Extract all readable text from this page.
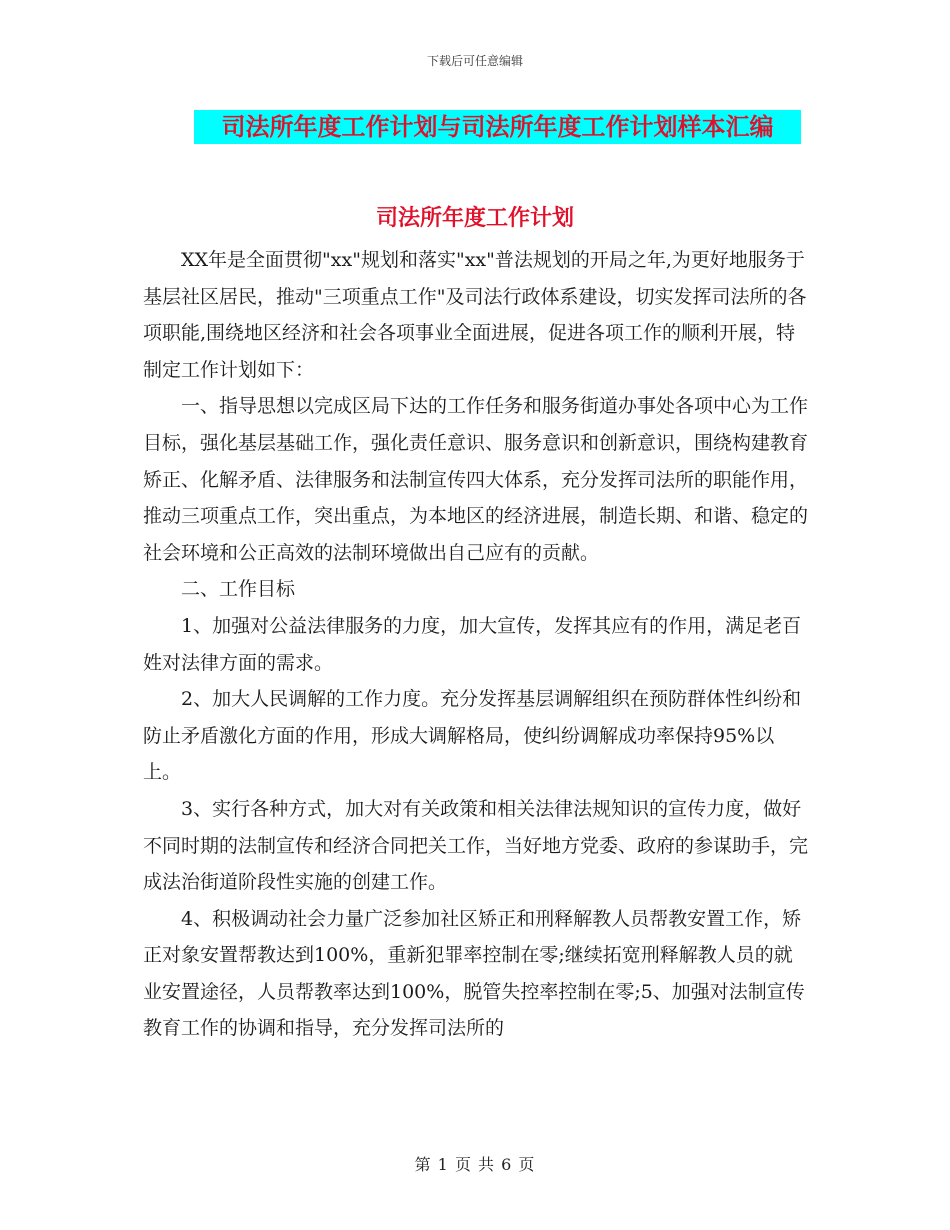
下载后可任意编辑
司法所年度工作计划与司法所年度工作计划样本汇编
司法所年度工作计划

XX年是全面贯彻"xx"规划和落实"xx"普法规划的开局之年,为更好地服务于基层社区居民，推动"三项重点工作"及司法行政体系建设，切实发挥司法所的各项职能,围绕地区经济和社会各项事业全面进展，促进各项工作的顺利开展，特制定工作计划如下：

一、指导思想以完成区局下达的工作任务和服务街道办事处各项中心为工作目标，强化基层基础工作，强化责任意识、服务意识和创新意识，围绕构建教育矫正、化解矛盾、法律服务和法制宣传四大体系，充分发挥司法所的职能作用，推动三项重点工作，突出重点，为本地区的经济进展，制造长期、和谐、稳定的社会环境和公正高效的法制环境做出自己应有的贡献。

二、工作目标

1、加强对公益法律服务的力度，加大宣传，发挥其应有的作用，满足老百姓对法律方面的需求。

2、加大人民调解的工作力度。充分发挥基层调解组织在预防群体性纠纷和防止矛盾激化方面的作用，形成大调解格局，使纠纷调解成功率保持95%以上。

3、实行各种方式，加大对有关政策和相关法律法规知识的宣传力度，做好不同时期的法制宣传和经济合同把关工作，当好地方党委、政府的参谋助手，完成法治街道阶段性实施的创建工作。

4、积极调动社会力量广泛参加社区矫正和刑释解教人员帮教安置工作，矫正对象安置帮教达到100%，重新犯罪率控制在零;继续拓宽刑释解教人员的就业安置途径，人员帮教率达到100%，脱管失控率控制在零;5、加强对法制宣传教育工作的协调和指导，充分发挥司法所的

第 1 页 共 6 页
